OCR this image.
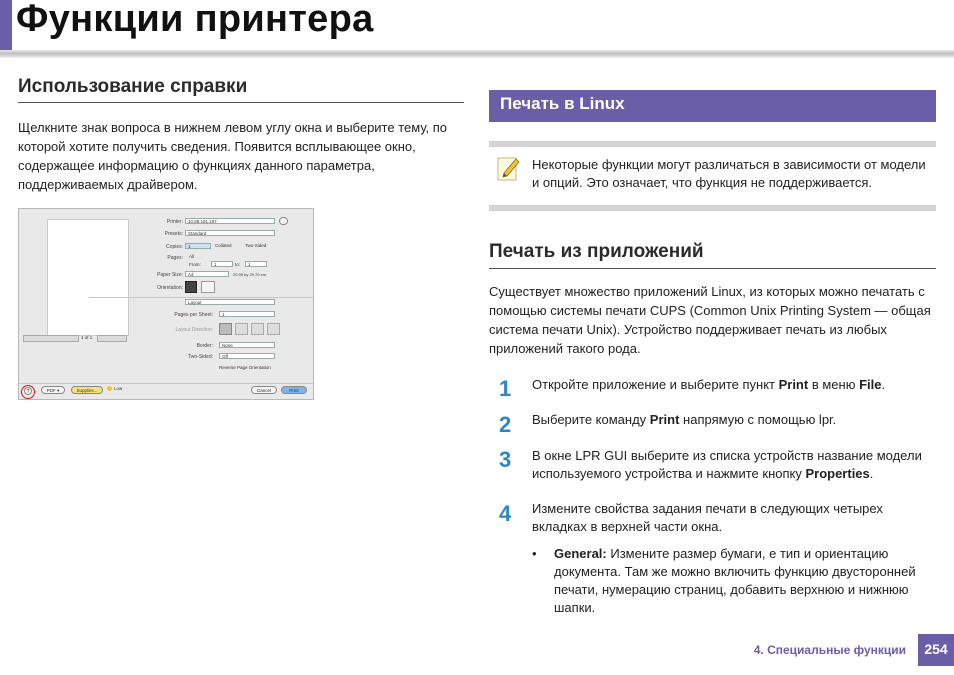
Функции принтера
Использование справки

Щелкните знак вопроса в нижнем левом углу окна и выберите тему, по которой хотите получить сведения. Появится всплывающее окно, содержащее информацию о функциях данного параметра, поддерживаемых драйвером.

1 of 1
Printer:	10.88.181.197
Presets:	Standard
Copies:	1	Collated	Two-Sided
Pages: All
From:	1	to:	1
Paper Size:	A4	20.99 by 29.70 cm
Orientation:
Layout
Pages per Sheet:	1
Layout Direction:
Border:	None
Two-Sided:	Off
Reverse Page Orientation
?	PDF ▾	Supplies...	Low	Cancel	Print
Печать в Linux

Некоторые функции могут различаться в зависимости от модели и опций. Это означает, что функция не поддерживается.

Печать из приложений

Существует множество приложений Linux, из которых можно печатать с помощью системы печати CUPS (Common Unix Printing System — общая система печати Unix). Устройство поддерживает печать из любых приложений такого рода.

1 Откройте приложение и выберите пункт Print в меню File.

2 Выберите команду Print напрямую с помощью lpr.

3 В окне LPR GUI выберите из списка устройств название модели используемого устройства и нажмите кнопку Properties.

4 Измените свойства задания печати в следующих четырех вкладках в верхней части окна.

• General: Измените размер бумаги, е тип и ориентацию документа. Там же можно включить функцию двусторонней печати, нумерацию страниц, добавить верхнюю и нижнюю шапки.

4. Специальные функции	254
